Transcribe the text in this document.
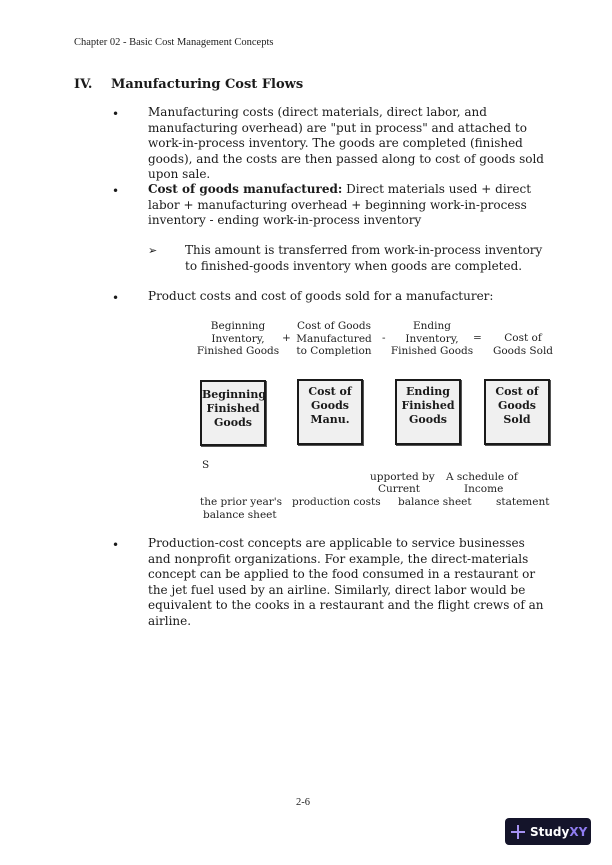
Chapter 02 - Basic Cost Management Concepts
IV. Manufacturing Cost Flows
• Manufacturing costs (direct materials, direct labor, and manufacturing overhead) are "put in process" and attached to work-in-process inventory. The goods are completed (finished goods), and the costs are then passed along to cost of goods sold upon sale.
• Cost of goods manufactured: Direct materials used + direct labor + manufacturing overhead + beginning work-in-process inventory - ending work-in-process inventory
➢ This amount is transferred from work-in-process inventory to finished-goods inventory when goods are completed.
• Product costs and cost of goods sold for a manufacturer:
Beginning
Inventory,
Finished Goods
+
Cost of Goods
Manufactured
to Completion
-
Ending
Inventory,
Finished Goods
=	Cost of
Goods Sold
Beginning
Finished
Goods
Cost of
Goods
Manu.
Ending
Finished
Goods
Cost of
Goods
Sold
S
upported by A schedule of
Current	Income
the prior year's production costs balance sheet statement
balance sheet
• Production-cost concepts are applicable to service businesses and nonprofit organizations. For example, the direct-materials concept can be applied to the food consumed in a restaurant or the jet fuel used by an airline. Similarly, direct labor would be equivalent to the cooks in a restaurant and the flight crews of an airline.
2-6
Study XY
